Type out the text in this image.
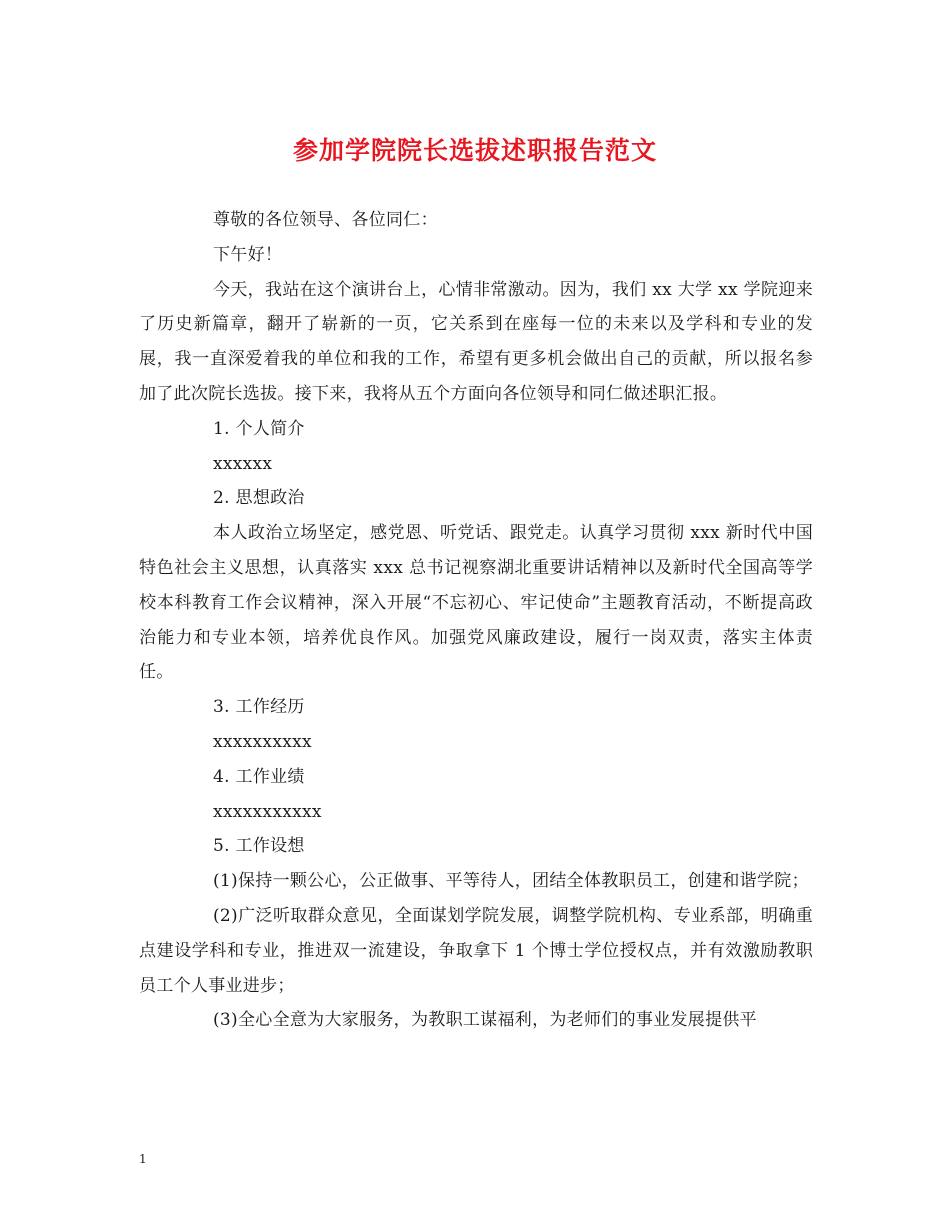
参加学院院长选拔述职报告范文

尊敬的各位领导、各位同仁：

下午好！

今天，我站在这个演讲台上，心情非常激动。因为，我们 xx 大学 xx 学院迎来了历史新篇章，翻开了崭新的一页，它关系到在座每一位的未来以及学科和专业的发展，我一直深爱着我的单位和我的工作，希望有更多机会做出自己的贡献，所以报名参加了此次院长选拔。接下来，我将从五个方面向各位领导和同仁做述职汇报。

1. 个人简介

xxxxxx

2. 思想政治

本人政治立场坚定，感党恩、听党话、跟党走。认真学习贯彻 xxx 新时代中国特色社会主义思想，认真落实 xxx 总书记视察湖北重要讲话精神以及新时代全国高等学校本科教育工作会议精神，深入开展“不忘初心、牢记使命”主题教育活动，不断提高政治能力和专业本领，培养优良作风。加强党风廉政建设，履行一岗双责，落实主体责任。

3. 工作经历

xxxxxxxxxx

4. 工作业绩

xxxxxxxxxxx

5. 工作设想

(1)保持一颗公心，公正做事、平等待人，团结全体教职员工，创建和谐学院；

(2)广泛听取群众意见，全面谋划学院发展，调整学院机构、专业系部，明确重点建设学科和专业，推进双一流建设，争取拿下 1 个博士学位授权点，并有效激励教职员工个人事业进步；

(3)全心全意为大家服务，为教职工谋福利，为老师们的事业发展提供平

1
